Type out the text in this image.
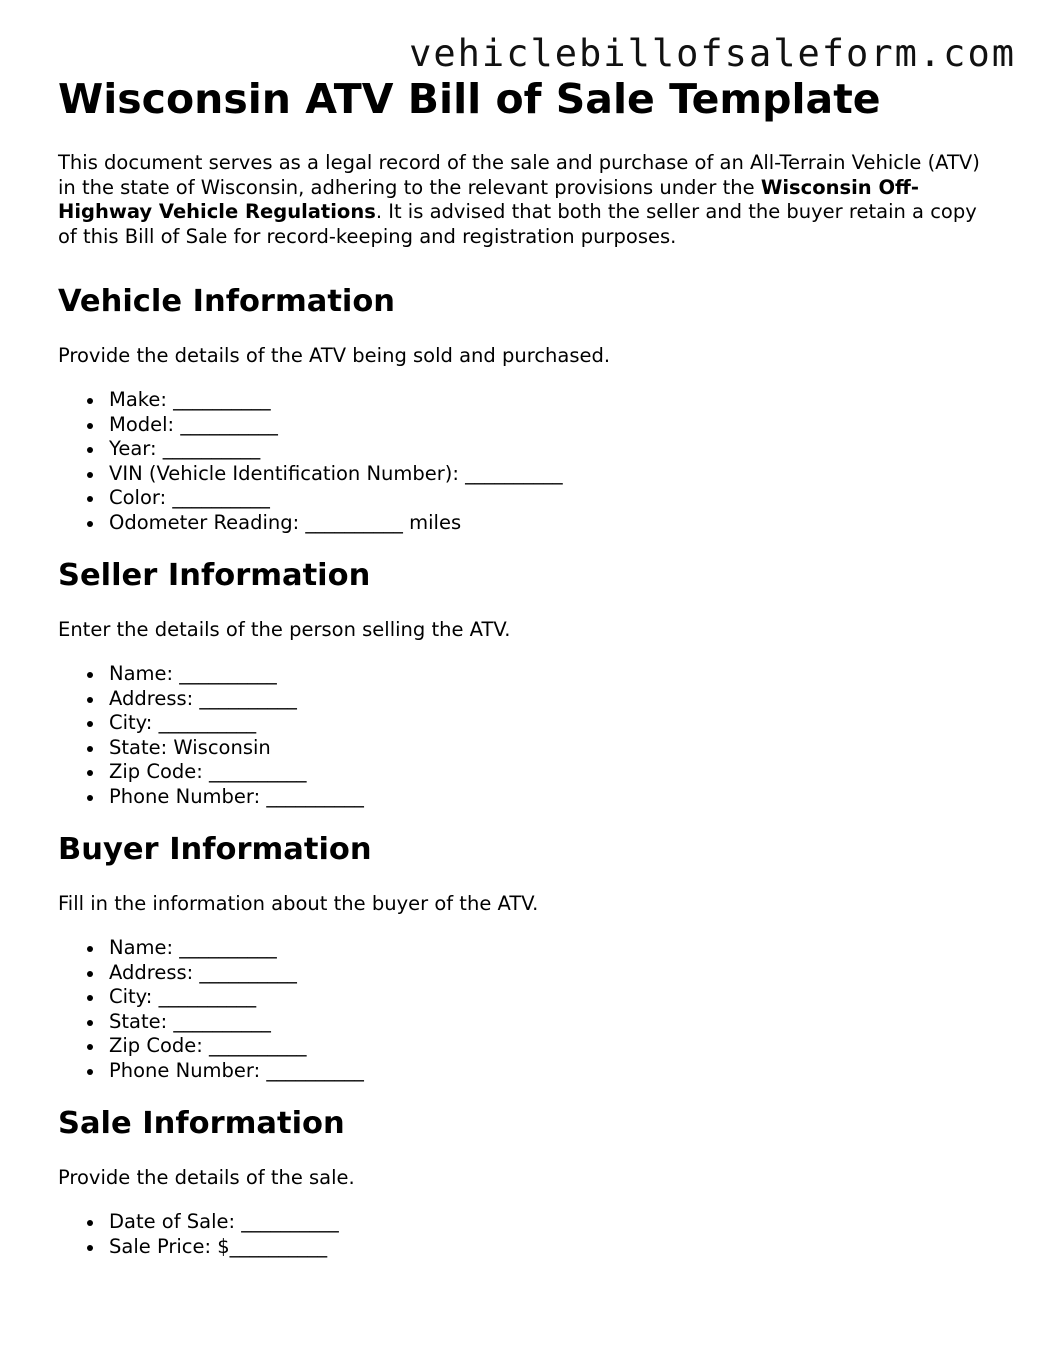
vehiclebillofsaleform.com
Wisconsin ATV Bill of Sale Template

This document serves as a legal record of the sale and purchase of an All-Terrain Vehicle (ATV) in the state of Wisconsin, adhering to the relevant provisions under the Wisconsin Off-Highway Vehicle Regulations. It is advised that both the seller and the buyer retain a copy of this Bill of Sale for record-keeping and registration purposes.

Vehicle Information

Provide the details of the ATV being sold and purchased.

Make: __________
Model: __________
Year: __________
VIN (Vehicle Identification Number): __________
Color: __________
Odometer Reading: __________ miles
Seller Information

Enter the details of the person selling the ATV.

Name: __________
Address: __________
City: __________
State: Wisconsin
Zip Code: __________
Phone Number: __________
Buyer Information

Fill in the information about the buyer of the ATV.

Name: __________
Address: __________
City: __________
State: __________
Zip Code: __________
Phone Number: __________
Sale Information

Provide the details of the sale.

Date of Sale: __________
Sale Price: $__________
